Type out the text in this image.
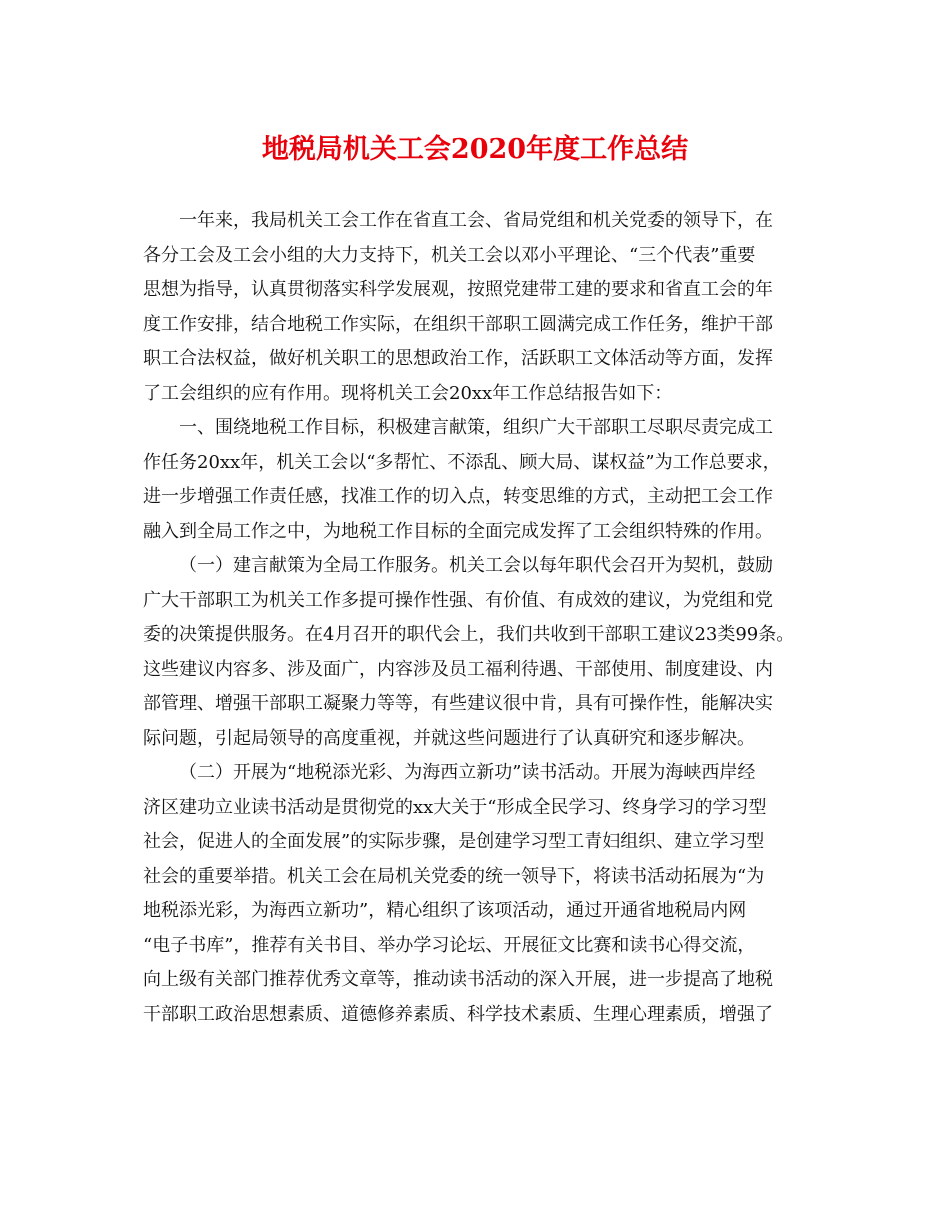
地税局机关工会2020年度工作总结

一年来，我局机关工会工作在省直工会、省局党组和机关党委的领导下，在

各分工会及工会小组的大力支持下，机关工会以邓小平理论、“三个代表”重要

思想为指导，认真贯彻落实科学发展观，按照党建带工建的要求和省直工会的年

度工作安排，结合地税工作实际，在组织干部职工圆满完成工作任务，维护干部

职工合法权益，做好机关职工的思想政治工作，活跃职工文体活动等方面，发挥

了工会组织的应有作用。现将机关工会20xx年工作总结报告如下：

一、围绕地税工作目标，积极建言献策，组织广大干部职工尽职尽责完成工

作任务20xx年，机关工会以“多帮忙、不添乱、顾大局、谋权益”为工作总要求，

进一步增强工作责任感，找准工作的切入点，转变思维的方式，主动把工会工作

融入到全局工作之中，为地税工作目标的全面完成发挥了工会组织特殊的作用。

（一）建言献策为全局工作服务。机关工会以每年职代会召开为契机，鼓励

广大干部职工为机关工作多提可操作性强、有价值、有成效的建议，为党组和党

委的决策提供服务。在4月召开的职代会上，我们共收到干部职工建议23类99条。

这些建议内容多、涉及面广，内容涉及员工福利待遇、干部使用、制度建设、内

部管理、增强干部职工凝聚力等等，有些建议很中肯，具有可操作性，能解决实

际问题，引起局领导的高度重视，并就这些问题进行了认真研究和逐步解决。

（二）开展为“地税添光彩、为海西立新功”读书活动。开展为海峡西岸经

济区建功立业读书活动是贯彻党的xx大关于“形成全民学习、终身学习的学习型

社会，促进人的全面发展”的实际步骤，是创建学习型工青妇组织、建立学习型

社会的重要举措。机关工会在局机关党委的统一领导下，将读书活动拓展为“为

地税添光彩，为海西立新功”，精心组织了该项活动，通过开通省地税局内网

“电子书库”，推荐有关书目、举办学习论坛、开展征文比赛和读书心得交流，

向上级有关部门推荐优秀文章等，推动读书活动的深入开展，进一步提高了地税

干部职工政治思想素质、道德修养素质、科学技术素质、生理心理素质，增强了
